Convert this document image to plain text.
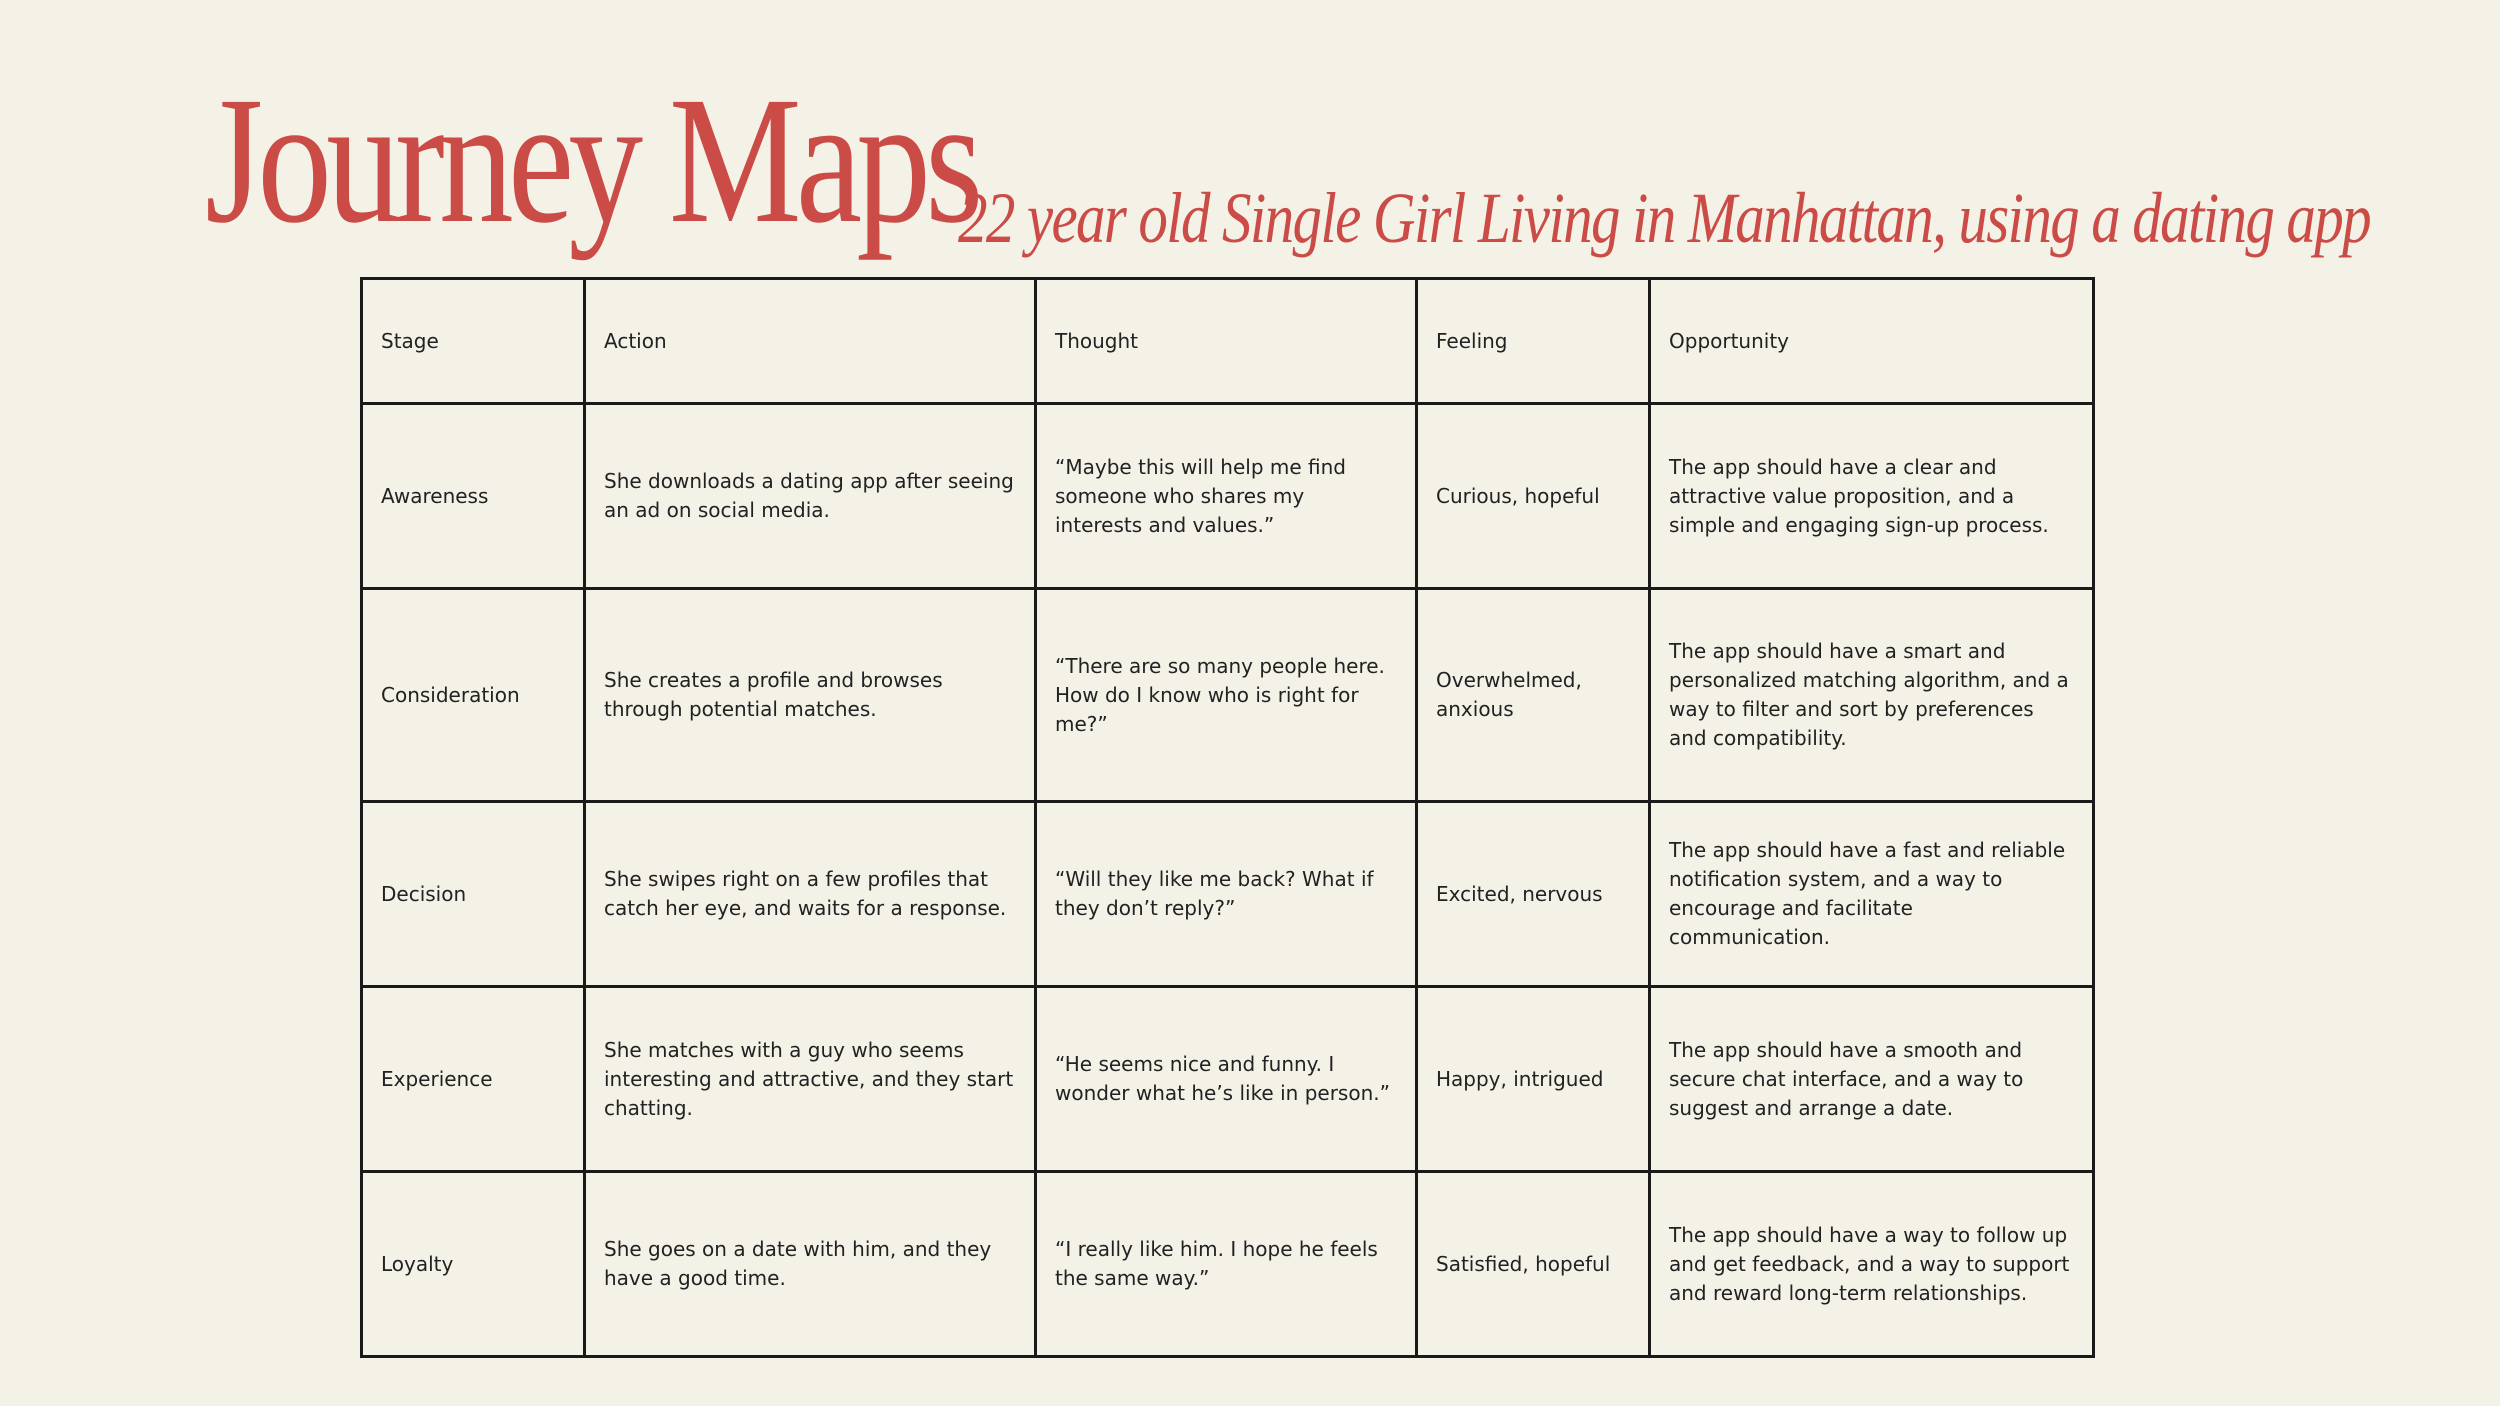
Journey Maps
22 year old Single Girl Living in Manhattan, using a dating app
Stage	Action	Thought	Feeling	Opportunity
Awareness	She downloads a dating app after seeing an ad on social media.	“Maybe this will help me find someone who shares my interests and values.”	Curious, hopeful	The app should have a clear and attractive value proposition, and a simple and engaging sign-up process.
Consideration	She creates a profile and browses through potential matches.	“There are so many people here. How do I know who is right for me?”	Overwhelmed, anxious	The app should have a smart and personalized matching algorithm, and a way to filter and sort by preferences and compatibility.
Decision	She swipes right on a few profiles that catch her eye, and waits for a response.	“Will they like me back? What if they don’t reply?”	Excited, nervous	The app should have a fast and reliable notification system, and a way to encourage and facilitate communication.
Experience	She matches with a guy who seems interesting and attractive, and they start chatting.	“He seems nice and funny. I wonder what he’s like in person.”	Happy, intrigued	The app should have a smooth and secure chat interface, and a way to suggest and arrange a date.
Loyalty	She goes on a date with him, and they have a good time.	“I really like him. I hope he feels the same way.”	Satisfied, hopeful	The app should have a way to follow up and get feedback, and a way to support and reward long-term relationships.
